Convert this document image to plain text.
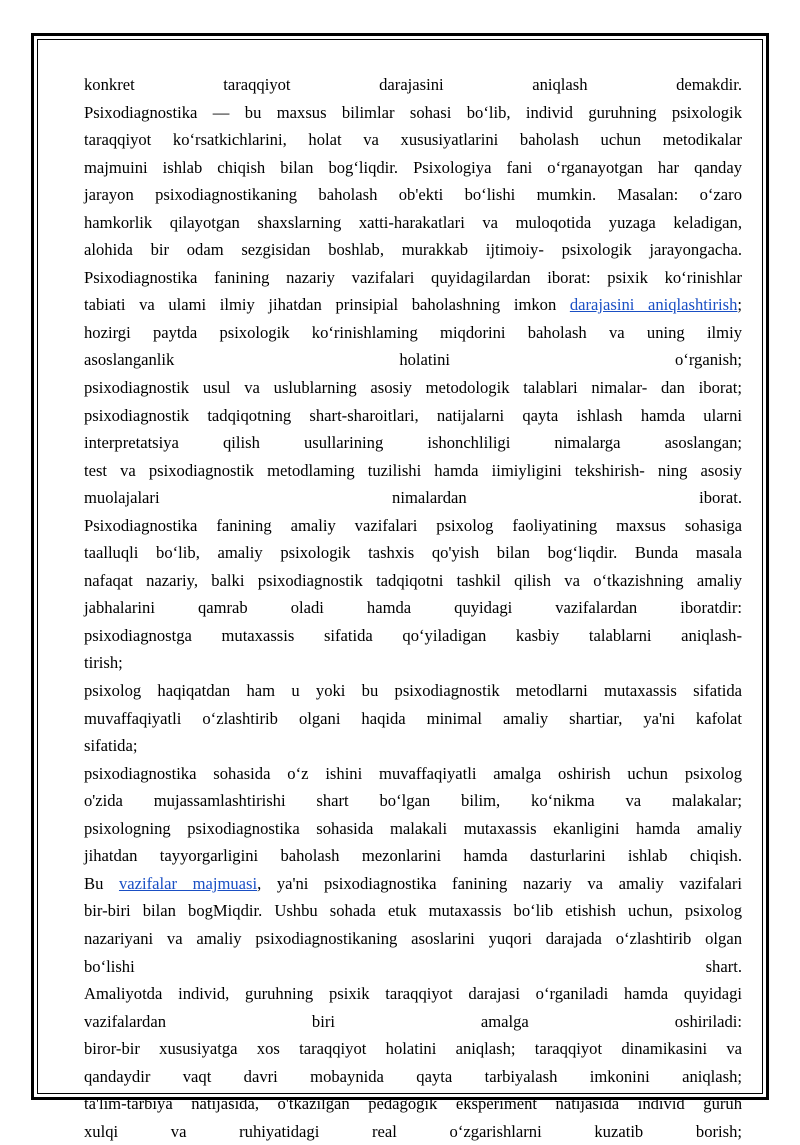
konkret taraqqiyot darajasini aniqlash demakdir.
Psixodiagnostika — bu maxsus bilimlar sohasi bo‘lib, individ guruhning psixologik
taraqqiyot ko‘rsatkichlarini, holat va xususiyatlarini baholash uchun metodikalar
majmuini ishlab chiqish bilan bog‘liqdir. Psixologiya fani o‘rganayotgan har qanday
jarayon psixodiagnostikaning baholash ob'ekti bo‘lishi mumkin. Masalan: o‘zaro
hamkorlik qilayotgan shaxslarning xatti-harakatlari va muloqotida yuzaga keladigan,
alohida bir odam sezgisidan boshlab, murakkab ijtimoiy- psixologik jarayongacha.
Psixodiagnostika fanining nazariy vazifalari quyidagilardan iborat: psixik ko‘rinishlar
tabiati va ulami ilmiy jihatdan prinsipial baholashning imkon darajasini aniqlashtirish;
hozirgi paytda psixologik ko‘rinishlaming miqdorini baholash va uning ilmiy
asoslanganlik holatini o‘rganish;
psixodiagnostik usul va uslublarning asosiy metodologik talablari nimalar- dan iborat;
psixodiagnostik tadqiqotning shart-sharoitlari, natijalarni qayta ishlash hamda ularni
interpretatsiya qilish usullarining ishonchliligi nimalarga asoslangan;
test va psixodiagnostik metodlaming tuzilishi hamda iimiyligini tekshirish- ning asosiy
muolajalari nimalardan iborat.
Psixodiagnostika fanining amaliy vazifalari psixolog faoliyatining maxsus sohasiga
taalluqli bo‘lib, amaliy psixologik tashxis qo'yish bilan bog‘liqdir. Bunda masala
nafaqat nazariy, balki psixodiagnostik tadqiqotni tashkil qilish va o‘tkazishning amaliy
jabhalarini qamrab oladi hamda quyidagi vazifalardan iboratdir:
psixodiagnostga mutaxassis sifatida qo‘yiladigan kasbiy talablarni aniqlash-
tirish;
psixolog haqiqatdan ham u yoki bu psixodiagnostik metodlarni mutaxassis sifatida
muvaffaqiyatli o‘zlashtirib olgani haqida minimal amaliy shartiar, ya'ni kafolat
sifatida;
psixodiagnostika sohasida o‘z ishini muvaffaqiyatli amalga oshirish uchun psixolog
o'zida mujassamlashtirishi shart bo‘lgan bilim, ko‘nikma va malakalar;
psixologning psixodiagnostika sohasida malakali mutaxassis ekanligini hamda amaliy
jihatdan tayyorgarligini baholash mezonlarini hamda dasturlarini ishlab chiqish.
Bu vazifalar majmuasi, ya'ni psixodiagnostika fanining nazariy va amaliy vazifalari
bir-biri bilan bogMiqdir. Ushbu sohada etuk mutaxassis bo‘lib etishish uchun, psixolog
nazariyani va amaliy psixodiagnostikaning asoslarini yuqori darajada o‘zlashtirib olgan
bo‘lishi shart.
Amaliyotda individ, guruhning psixik taraqqiyot darajasi o‘rganiladi hamda quyidagi
vazifalardan biri amalga oshiriladi:
biror-bir xususiyatga xos taraqqiyot holatini aniqlash; taraqqiyot dinamikasini va
qandaydir vaqt davri mobaynida qayta tarbiyalash imkonini aniqlash;
ta'lim-tarbiya natijasida, o'tkazilgan pedagogik eksperiment natijasida individ guruh
xulqi va ruhiyatidagi real o‘zgarishlarni kuzatib borish;
